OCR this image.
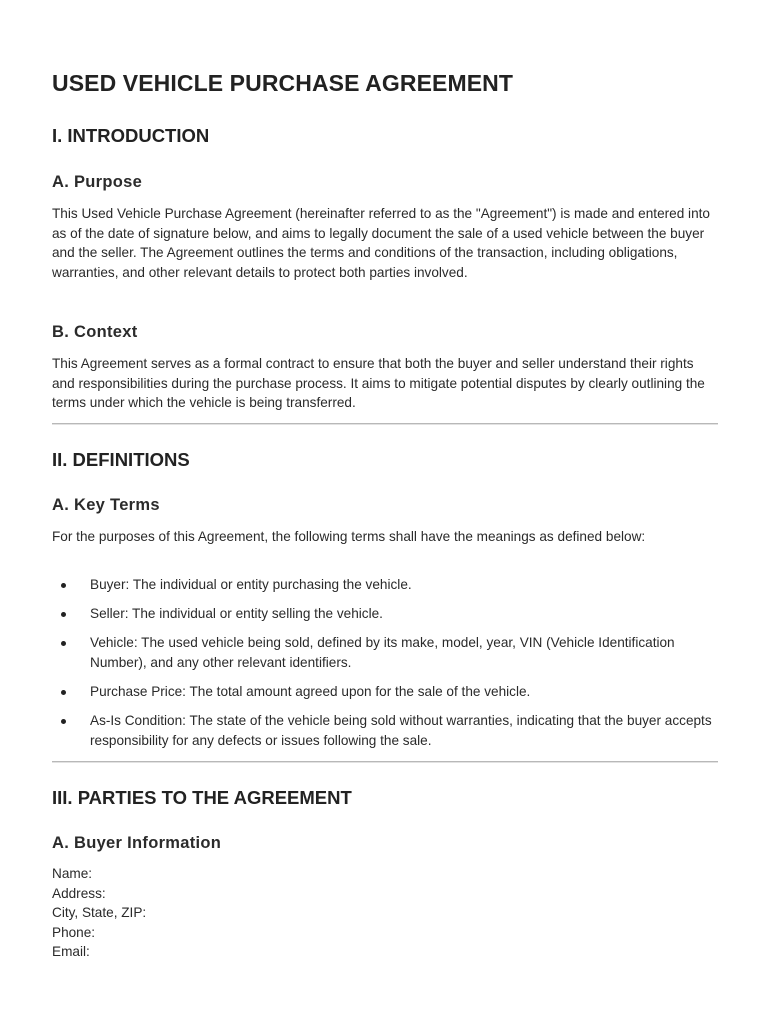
USED VEHICLE PURCHASE AGREEMENT
I. INTRODUCTION
A. Purpose

This Used Vehicle Purchase Agreement (hereinafter referred to as the "Agreement") is made and entered into as of the date of signature below, and aims to legally document the sale of a used vehicle between the buyer and the seller. The Agreement outlines the terms and conditions of the transaction, including obligations, warranties, and other relevant details to protect both parties involved.

B. Context

This Agreement serves as a formal contract to ensure that both the buyer and seller understand their rights and responsibilities during the purchase process. It aims to mitigate potential disputes by clearly outlining the terms under which the vehicle is being transferred.

II. DEFINITIONS
A. Key Terms

For the purposes of this Agreement, the following terms shall have the meanings as defined below:

Buyer: The individual or entity purchasing the vehicle.
Seller: The individual or entity selling the vehicle.
Vehicle: The used vehicle being sold, defined by its make, model, year, VIN (Vehicle Identification Number), and any other relevant identifiers.
Purchase Price: The total amount agreed upon for the sale of the vehicle.
As-Is Condition: The state of the vehicle being sold without warranties, indicating that the buyer accepts responsibility for any defects or issues following the sale.
III. PARTIES TO THE AGREEMENT
A. Buyer Information
Name:
Address:
City, State, ZIP:
Phone:
Email:
